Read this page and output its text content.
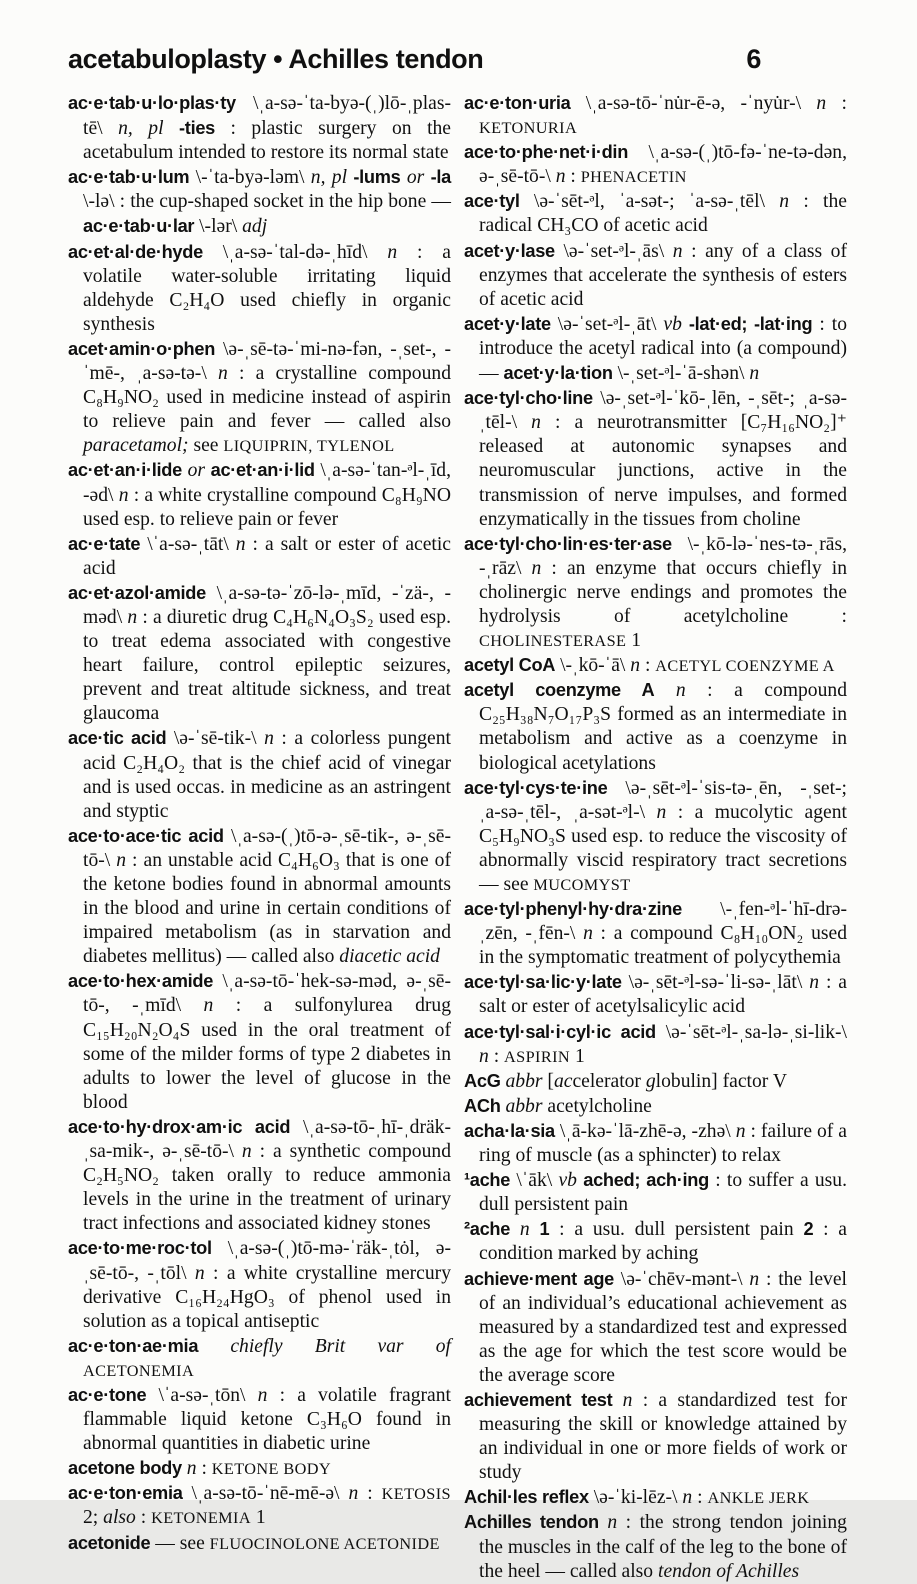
acetabuloplasty • Achilles tendon	6

ac·e·tab·u·lo·plas·ty \ˌa-sə-ˈta-byə-(ˌ)lō-ˌplas-tē\ n, pl -ties : plastic surgery on the acetabulum intended to restore its normal state

ac·e·tab·u·lum \-ˈta-byə-ləm\ n, pl -lums or -la \-lə\ : the cup-shaped socket in the hip bone — ac·e·tab·u·lar \-lər\ adj

ac·et·al·de·hyde \ˌa-sə-ˈtal-də-ˌhīd\ n : a volatile water-soluble irritating liquid aldehyde C₂H₄O used chiefly in organic synthesis

acet·amin·o·phen \ə-ˌsē-tə-ˈmi-nə-fən, -ˌset-, -ˈmē-, ˌa-sə-tə-\ n : a crystalline compound C₈H₉NO₂ used in medicine instead of aspirin to relieve pain and fever — called also paracetamol; see LIQUIPRIN, TYLENOL

ac·et·an·i·lide or ac·et·an·i·lid \ˌa-sə-ˈtan-ᵊl-ˌīd, -əd\ n : a white crystalline compound C₈H₉NO used esp. to relieve pain or fever

ac·e·tate \ˈa-sə-ˌtāt\ n : a salt or ester of acetic acid

ac·et·azol·amide \ˌa-sə-tə-ˈzō-lə-ˌmīd, -ˈzä-, -məd\ n : a diuretic drug C₄H₆N₄O₃S₂ used esp. to treat edema associated with congestive heart failure, control epileptic seizures, prevent and treat altitude sickness, and treat glaucoma

ace·tic acid \ə-ˈsē-tik-\ n : a colorless pungent acid C₂H₄O₂ that is the chief acid of vinegar and is used occas. in medicine as an astringent and styptic

ace·to·ace·tic acid \ˌa-sə-(ˌ)tō-ə-ˌsē-tik-, ə-ˌsē-tō-\ n : an unstable acid C₄H₆O₃ that is one of the ketone bodies found in abnormal amounts in the blood and urine in certain conditions of impaired metabolism (as in starvation and diabetes mellitus) — called also diacetic acid

ace·to·hex·amide \ˌa-sə-tō-ˈhek-sə-məd, ə-ˌsē-tō-, -ˌmīd\ n : a sulfonylurea drug C₁₅H₂₀N₂O₄S used in the oral treatment of some of the milder forms of type 2 diabetes in adults to lower the level of glucose in the blood

ace·to·hy·drox·am·ic acid \ˌa-sə-tō-ˌhī-ˌdräk-ˌsa-mik-, ə-ˌsē-tō-\ n : a synthetic compound C₂H₅NO₂ taken orally to reduce ammonia levels in the urine in the treatment of urinary tract infections and associated kidney stones

ace·to·me·roc·tol \ˌa-sə-(ˌ)tō-mə-ˈräk-ˌtȯl, ə-ˌsē-tō-, -ˌtōl\ n : a white crystalline mercury derivative C₁₆H₂₄HgO₃ of phenol used in solution as a topical antiseptic

ac·e·ton·ae·mia chiefly Brit var of ACETONEMIA

ac·e·tone \ˈa-sə-ˌtōn\ n : a volatile fragrant flammable liquid ketone C₃H₆O found in abnormal quantities in diabetic urine

acetone body n : KETONE BODY

ac·e·ton·emia \ˌa-sə-tō-ˈnē-mē-ə\ n : KETOSIS 2; also : KETONEMIA 1

acetonide — see FLUOCINOLONE ACETONIDE

ac·e·ton·uria \ˌa-sə-tō-ˈnu̇r-ē-ə, -ˈnyu̇r-\ n : KETONURIA

ace·to·phe·net·i·din \ˌa-sə-(ˌ)tō-fə-ˈne-tə-dən, ə-ˌsē-tō-\ n : PHENACETIN

ace·tyl \ə-ˈsēt-ᵊl, ˈa-sət-; ˈa-sə-ˌtēl\ n : the radical CH₃CO of acetic acid

acet·y·lase \ə-ˈset-ᵊl-ˌās\ n : any of a class of enzymes that accelerate the synthesis of esters of acetic acid

acet·y·late \ə-ˈset-ᵊl-ˌāt\ vb -lat·ed; -lat·ing : to introduce the acetyl radical into (a compound) — acet·y·la·tion \-ˌset-ᵊl-ˈā-shən\ n

ace·tyl·cho·line \ə-ˌset-ᵊl-ˈkō-ˌlēn, -ˌsēt-; ˌa-sə-ˌtēl-\ n : a neurotransmitter [C₇H₁₆NO₂]⁺ released at autonomic synapses and neuromuscular junctions, active in the transmission of nerve impulses, and formed enzymatically in the tissues from choline

ace·tyl·cho·lin·es·ter·ase \-ˌkō-lə-ˈnes-tə-ˌrās, -ˌrāz\ n : an enzyme that occurs chiefly in cholinergic nerve endings and promotes the hydrolysis of acetylcholine : CHOLINESTERASE 1

acetyl CoA \-ˌkō-ˈā\ n : ACETYL COENZYME A

acetyl coenzyme A n : a compound C₂₅H₃₈N₇O₁₇P₃S formed as an intermediate in metabolism and active as a coenzyme in biological acetylations

ace·tyl·cys·te·ine \ə-ˌsēt-ᵊl-ˈsis-tə-ˌēn, -ˌset-; ˌa-sə-ˌtēl-, ˌa-sət-ᵊl-\ n : a mucolytic agent C₅H₉NO₃S used esp. to reduce the viscosity of abnormally viscid respiratory tract secretions — see MUCOMYST

ace·tyl·phenyl·hy·dra·zine \-ˌfen-ᵊl-ˈhī-drə-ˌzēn, -ˌfēn-\ n : a compound C₈H₁₀ON₂ used in the symptomatic treatment of polycythemia

ace·tyl·sa·lic·y·late \ə-ˌsēt-ᵊl-sə-ˈli-sə-ˌlāt\ n : a salt or ester of acetylsalicylic acid

ace·tyl·sal·i·cyl·ic acid \ə-ˈsēt-ᵊl-ˌsa-lə-ˌsi-lik-\ n : ASPIRIN 1

AcG abbr [accelerator globulin] factor V

ACh abbr acetylcholine

acha·la·sia \ˌā-kə-ˈlā-zhē-ə, -zhə\ n : failure of a ring of muscle (as a sphincter) to relax

¹ache \ˈāk\ vb ached; ach·ing : to suffer a usu. dull persistent pain

²ache n 1 : a usu. dull persistent pain 2 : a condition marked by aching

achieve·ment age \ə-ˈchēv-mənt-\ n : the level of an individual’s educational achievement as measured by a standardized test and expressed as the age for which the test score would be the average score

achievement test n : a standardized test for measuring the skill or knowledge attained by an individual in one or more fields of work or study

Achil·les reflex \ə-ˈki-lēz-\ n : ANKLE JERK

Achilles tendon n : the strong tendon joining the muscles in the calf of the leg to the bone of the heel — called also tendon of Achilles
